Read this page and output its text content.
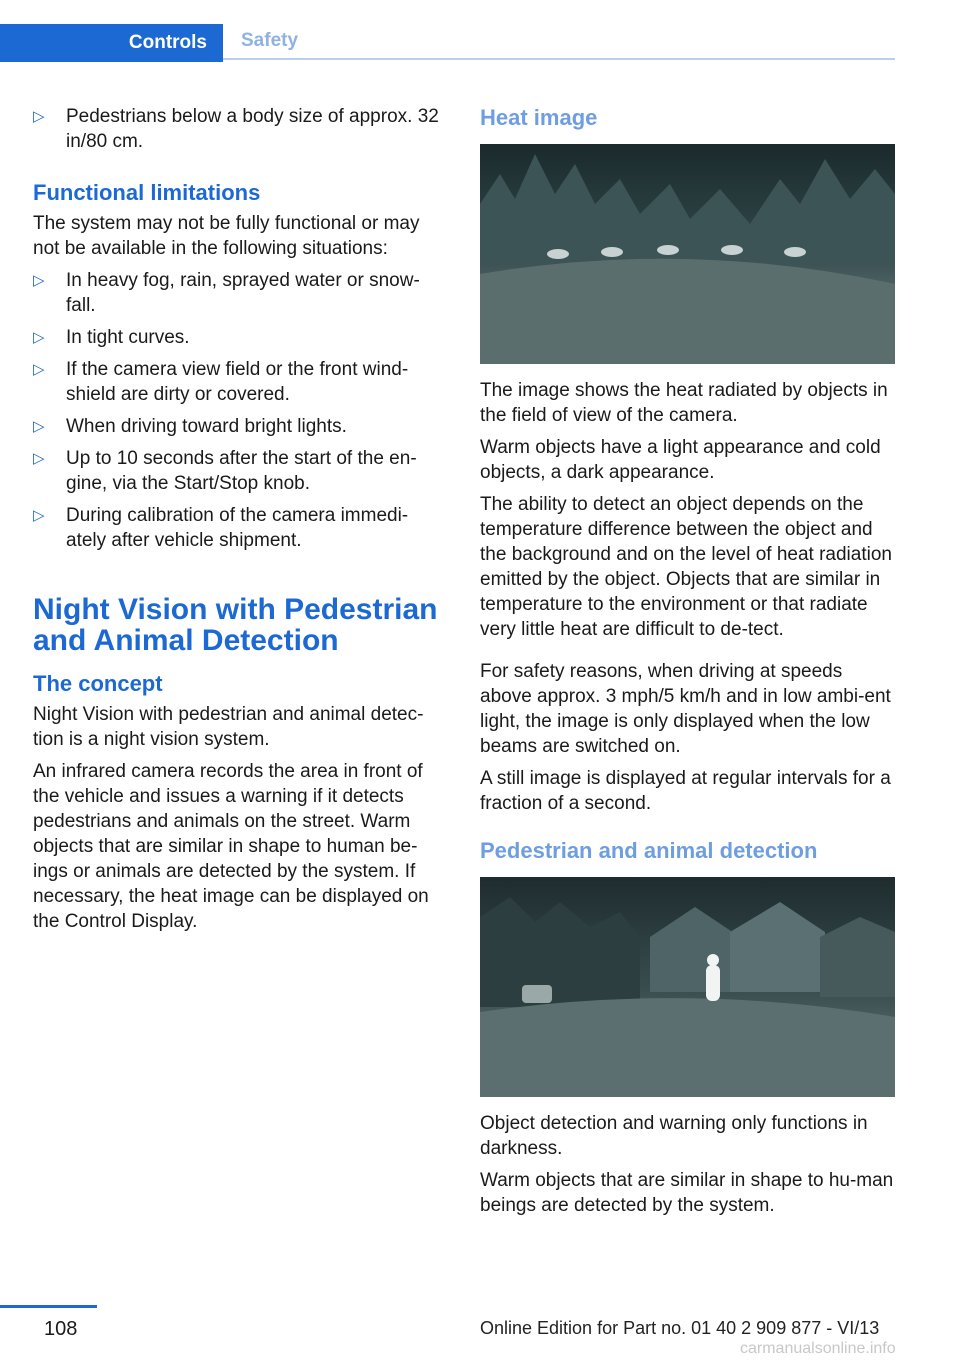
Controls	Safety
▷ Pedestrians below a body size of approx. 32 in/80 cm.
Functional limitations

The system may not be fully functional or may not be available in the following situations:

▷ In heavy fog, rain, sprayed water or snow-fall.
▷ In tight curves.
▷ If the camera view field or the front wind-shield are dirty or covered.
▷ When driving toward bright lights.
▷ Up to 10 seconds after the start of the en-gine, via the Start/Stop knob.
▷ During calibration of the camera immedi-ately after vehicle shipment.
Night Vision with Pedestrian and Animal Detection
The concept

Night Vision with pedestrian and animal detec-tion is a night vision system.

An infrared camera records the area in front of the vehicle and issues a warning if it detects pedestrians and animals on the street. Warm objects that are similar in shape to human be-ings or animals are detected by the system. If necessary, the heat image can be displayed on the Control Display.

Heat image

The image shows the heat radiated by objects in the field of view of the camera.

Warm objects have a light appearance and cold objects, a dark appearance.

The ability to detect an object depends on the temperature difference between the object and the background and on the level of heat radiation emitted by the object. Objects that are similar in temperature to the environment or that radiate very little heat are difficult to de-tect.

For safety reasons, when driving at speeds above approx. 3 mph/5 km/h and in low ambi-ent light, the image is only displayed when the low beams are switched on.

A still image is displayed at regular intervals for a fraction of a second.

Pedestrian and animal detection

Object detection and warning only functions in darkness.

Warm objects that are similar in shape to hu-man beings are detected by the system.

108	Online Edition for Part no. 01 40 2 909 877 - VI/13
carmanualsonline.info
